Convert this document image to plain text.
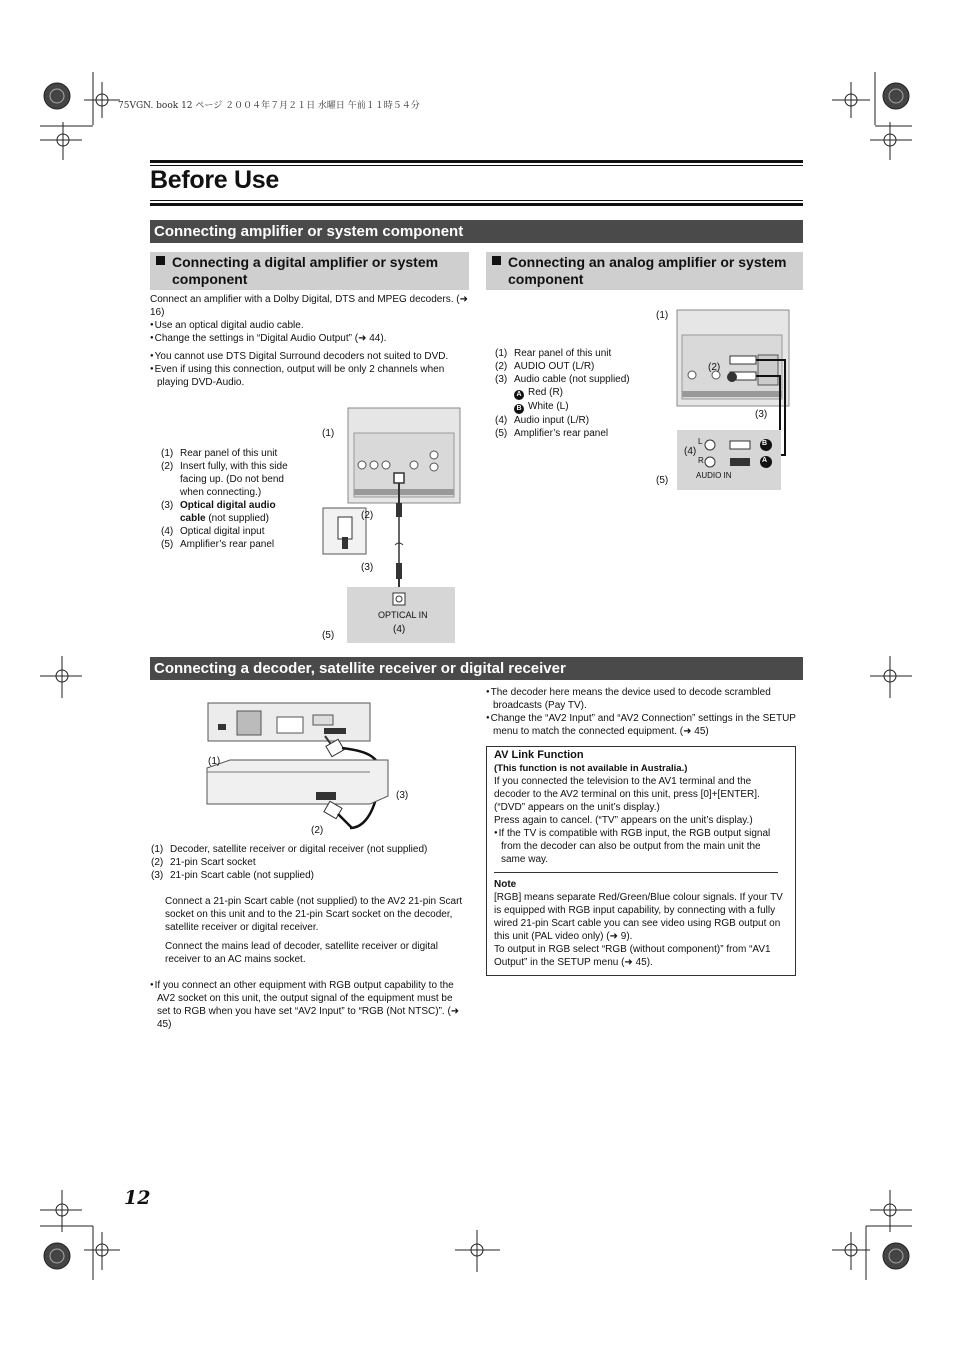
75VGN. book 12 ページ ２００４年７月２１日 水曜日 午前１１時５４分
Before Use
Connecting amplifier or system component
Connecting a digital amplifier or system component
Connecting an analog amplifier or system component

Connect an amplifier with a Dolby Digital, DTS and MPEG decoders. (➜ 16)

● Use an optical digital audio cable.

● Change the settings in “Digital Audio Output” (➜ 44).

● You cannot use DTS Digital Surround decoders not suited to DVD.

● Even if using this connection, output will be only 2 channels when playing DVD-Audio.

(1) Rear panel of this unit
(2) Insert fully, with this side facing up. (Do not bend when connecting.)
(3) Optical digital audio cable (not supplied)
(4) Optical digital input
(5) Amplifier’s rear panel
(1)
(2)
(3)
(5)
OPTICAL IN
(4)
(1) Rear panel of this unit
(2) AUDIO OUT (L/R)
(3) Audio cable (not supplied)
A Red (R)
B White (L)
(4) Audio input (L/R)
(5) Amplifier’s rear panel
(1)
(2)
(3)
(4)
(5)
L
R
B
A
AUDIO IN
Connecting a decoder, satellite receiver or digital receiver
(1)
(3)
(2)
(1) Decoder, satellite receiver or digital receiver (not supplied)
(2) 21-pin Scart socket
(3) 21-pin Scart cable (not supplied)
Connect a 21-pin Scart cable (not supplied) to the AV2 21-pin Scart socket on this unit and to the 21-pin Scart socket on the decoder, satellite receiver or digital receiver.
Connect the mains lead of decoder, satellite receiver or digital receiver to an AC mains socket.

● If you connect an other equipment with RGB output capability to the AV2 socket on this unit, the output signal of the equipment must be set to RGB when you have set “AV2 Input” to “RGB (Not NTSC)”. (➜ 45)

● The decoder here means the device used to decode scrambled broadcasts (Pay TV).

● Change the “AV2 Input” and “AV2 Connection” settings in the SETUP menu to match the connected equipment. (➜ 45)

AV Link Function
(This function is not available in Australia.)
If you connected the television to the AV1 terminal and the decoder to the AV2 terminal on this unit, press [0]+[ENTER]. (“DVD” appears on the unit’s display.)
Press again to cancel. (“TV” appears on the unit’s display.)

● If the TV is compatible with RGB input, the RGB output signal from the decoder can also be output from the main unit the same way.

Note
[RGB] means separate Red/Green/Blue colour signals. If your TV is equipped with RGB input capability, by connecting with a fully wired 21-pin Scart cable you can see video using RGB output on this unit (PAL video only) (➜ 9).
To output in RGB select “RGB (without component)” from “AV1 Output” in the SETUP menu (➜ 45).
12
